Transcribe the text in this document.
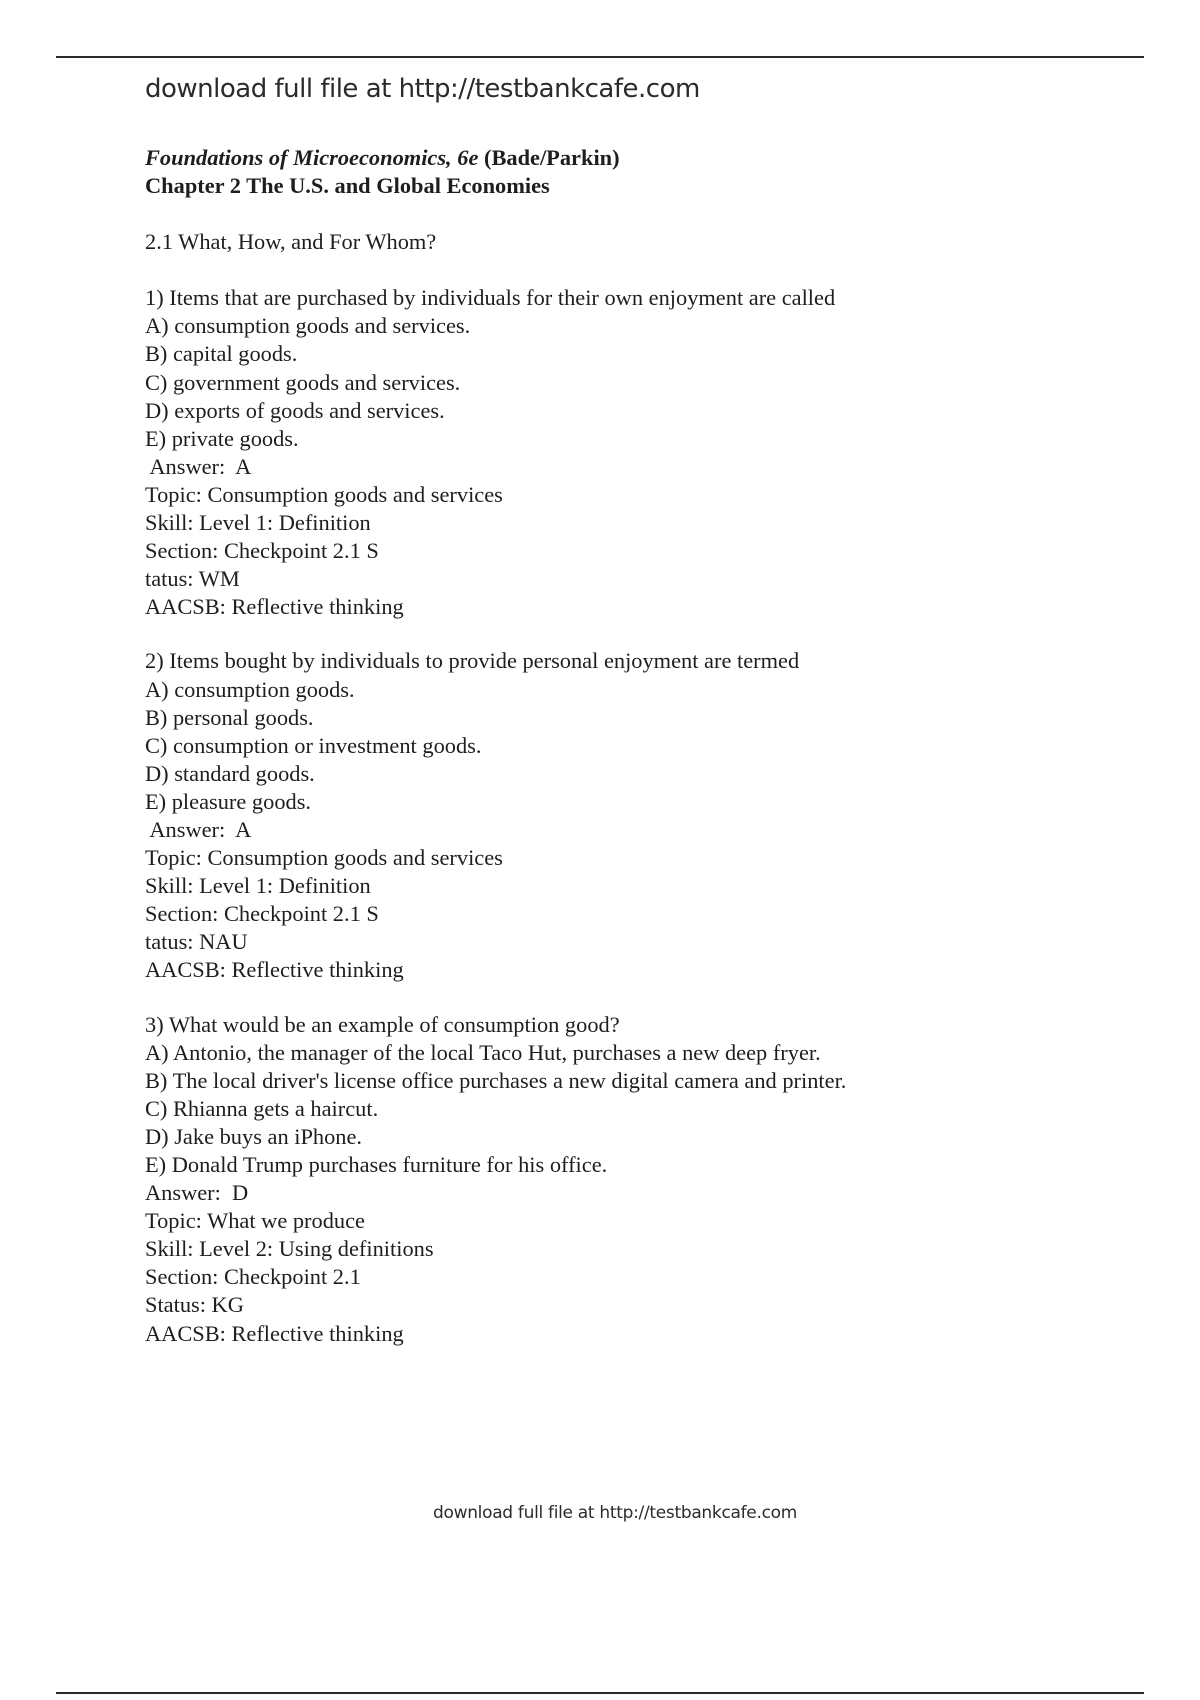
download full file at http://testbankcafe.com
Foundations of Microeconomics, 6e (Bade/Parkin)
Chapter 2 The U.S. and Global Economies
2.1 What, How, and For Whom?
1) Items that are purchased by individuals for their own enjoyment are called
A) consumption goods and services.
B) capital goods.
C) government goods and services.
D) exports of goods and services.
E) private goods.
Answer:  A
Topic: Consumption goods and services
Skill: Level 1: Definition
Section: Checkpoint 2.1 S
tatus: WM
AACSB: Reflective thinking
2) Items bought by individuals to provide personal enjoyment are termed
A) consumption goods.
B) personal goods.
C) consumption or investment goods.
D) standard goods.
E) pleasure goods.
Answer:  A
Topic: Consumption goods and services
Skill: Level 1: Definition
Section: Checkpoint 2.1 S
tatus: NAU
AACSB: Reflective thinking
3) What would be an example of consumption good?
A) Antonio, the manager of the local Taco Hut, purchases a new deep fryer.
B) The local driver's license office purchases a new digital camera and printer.
C) Rhianna gets a haircut.
D) Jake buys an iPhone.
E) Donald Trump purchases furniture for his office.
Answer:  D
Topic: What we produce
Skill: Level 2: Using definitions
Section: Checkpoint 2.1
Status: KG
AACSB: Reflective thinking
download full file at http://testbankcafe.com
